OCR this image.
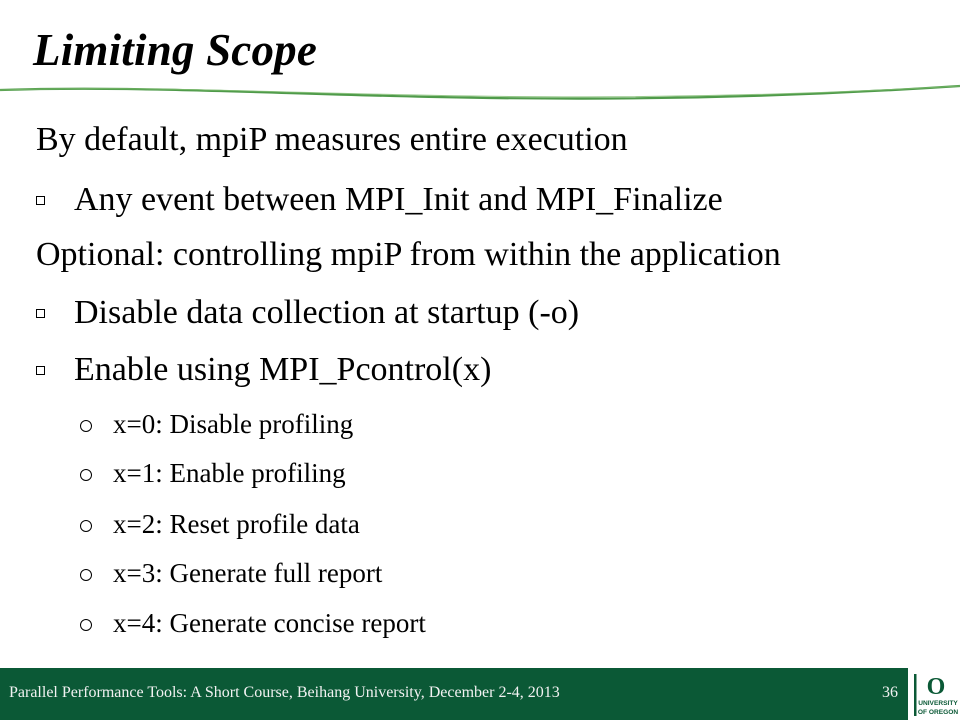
Limiting Scope
By default, mpiP measures entire execution
Any event between MPI_Init and MPI_Finalize
Optional: controlling mpiP from within the application
Disable data collection at startup (-o)
Enable using MPI_Pcontrol(x)
x=0: Disable profiling
x=1: Enable profiling
x=2: Reset profile data
x=3: Generate full report
x=4: Generate concise report
Parallel Performance Tools: A Short Course, Beihang University, December 2-4, 2013	36 O
UNIVERSITY
OF OREGON
